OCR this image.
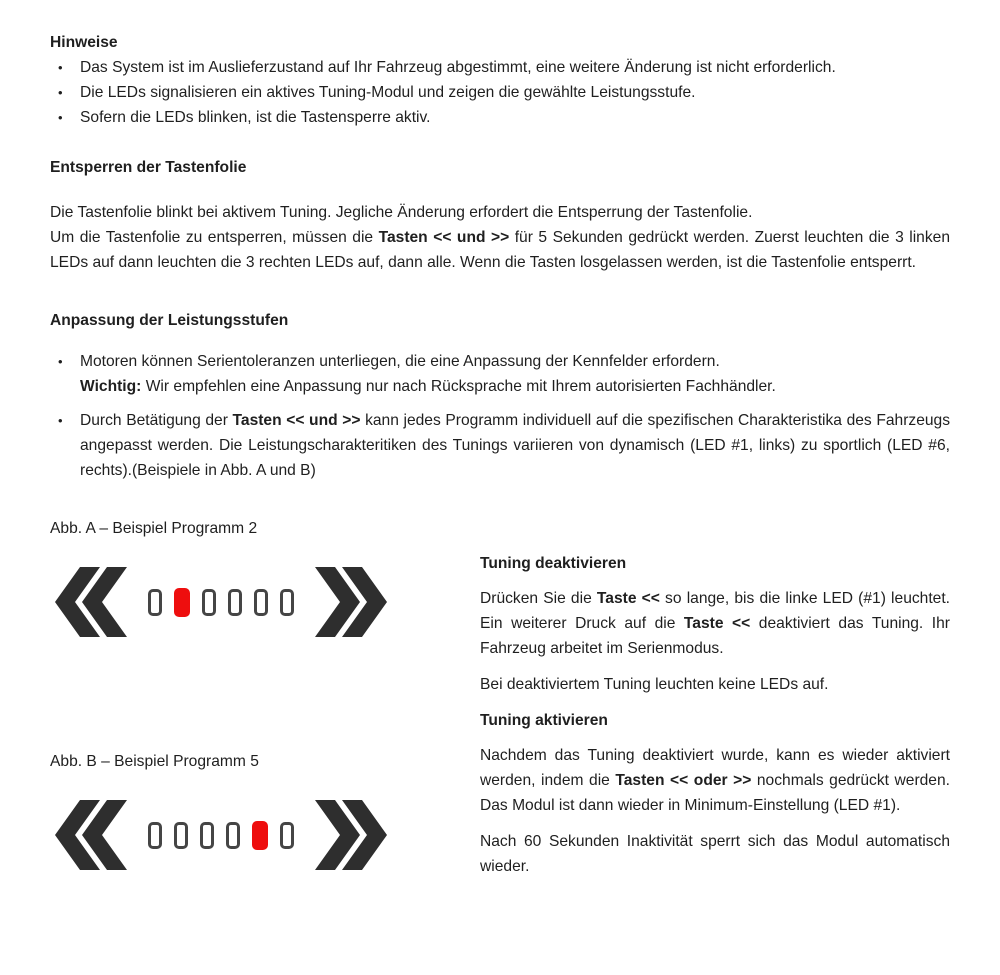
Hinweise
•	Das System ist im Auslieferzustand auf Ihr Fahrzeug abgestimmt, eine weitere Änderung ist nicht erforderlich.
•	Die LEDs signalisieren ein aktives Tuning-Modul und zeigen die gewählte Leistungsstufe.
•	Sofern die LEDs blinken, ist die Tastensperre aktiv.
Entsperren der Tastenfolie

Die Tastenfolie blinkt bei aktivem Tuning. Jegliche Änderung erfordert die Entsperrung der Tastenfolie.

Um die Tastenfolie zu entsperren, müssen die Tasten << und >> für 5 Sekunden gedrückt werden. Zuerst leuchten die 3 linken LEDs auf dann leuchten die 3 rechten LEDs auf, dann alle. Wenn die Tasten losgelassen werden, ist die Tastenfolie entsperrt.

Anpassung der Leistungsstufen
•	Motoren können Serientoleranzen unterliegen, die eine Anpassung der Kennfelder erfordern.
Wichtig: Wir empfehlen eine Anpassung nur nach Rücksprache mit Ihrem autorisierten Fachhändler.
•	Durch Betätigung der Tasten << und >> kann jedes Programm individuell auf die spezifischen Charakteristika des Fahrzeugs angepasst werden. Die Leistungscharakteritiken des Tunings variieren von dynamisch (LED #1, links) zu sportlich (LED #6, rechts).(Beispiele in Abb. A und B)
Abb. A – Beispiel Programm 2
Abb. B – Beispiel Programm 5
Tuning deaktivieren

Drücken Sie die Taste << so lange, bis die linke LED (#1) leuchtet. Ein weiterer Druck auf die Taste << deaktiviert das Tuning. Ihr Fahrzeug arbeitet im Serienmodus.

Bei deaktiviertem Tuning leuchten keine LEDs auf.

Tuning aktivieren

Nachdem das Tuning deaktiviert wurde, kann es wieder aktiviert werden, indem die Tasten << oder >> nochmals gedrückt werden. Das Modul ist dann wieder in Minimum-Einstellung (LED #1).

Nach 60 Sekunden Inaktivität sperrt sich das Modul automatisch wieder.
